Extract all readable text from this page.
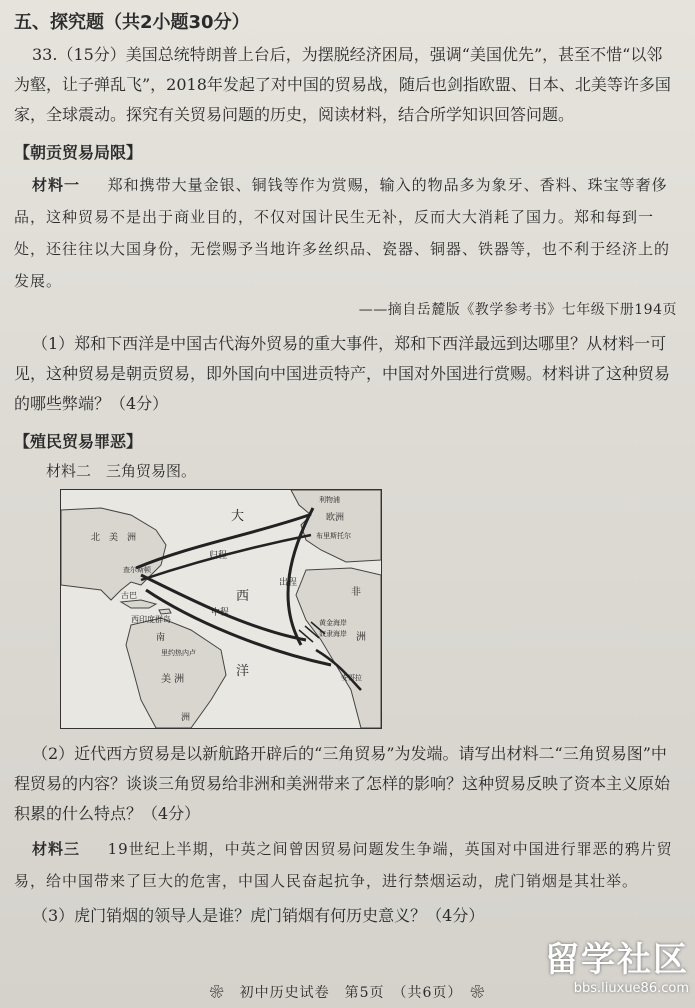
五、探究题（共2小题30分）

33.（15分）美国总统特朗普上台后，为摆脱经济困局，强调“美国优先”，甚至不惜“以邻为壑，让子弹乱飞”，2018年发起了对中国的贸易战，随后也剑指欧盟、日本、北美等许多国家，全球震动。探究有关贸易问题的历史，阅读材料，结合所学知识回答问题。

【朝贡贸易局限】

材料一 　 郑和携带大量金银、铜钱等作为赏赐，输入的物品多为象牙、香料、珠宝等奢侈品，这种贸易不是出于商业目的，不仅对国计民生无补，反而大大消耗了国力。郑和每到一处，还往往以大国身份，无偿赐予当地许多丝织品、瓷器、铜器、铁器等，也不利于经济上的发展。

——摘自岳麓版《教学参考书》七年级下册194页

（1）郑和下西洋是中国古代海外贸易的重大事件，郑和下西洋最远到达哪里？从材料一可见，这种贸易是朝贡贸易，即外国向中国进贡特产，中国对外国进行赏赐。材料讲了这种贸易的哪些弊端？（4分）

【殖民贸易罪恶】
材料二　三角贸易图。
北　美　洲
大
西
洋
南
美 洲
洲
欧洲
非
洲
西印度群岛
古巴
归程
出程
中程
利物浦
布里斯托尔
查尔斯顿
黄金海岸
奴隶海岸
安哥拉
里约热内卢

（2）近代西方贸易是以新航路开辟后的“三角贸易”为发端。请写出材料二“三角贸易图”中程贸易的内容？谈谈三角贸易给非洲和美洲带来了怎样的影响？这种贸易反映了资本主义原始积累的什么特点？（4分）

材料三 　 19世纪上半期，中英之间曾因贸易问题发生争端，英国对中国进行罪恶的鸦片贸易，给中国带来了巨大的危害，中国人民奋起抗争，进行禁烟运动，虎门销烟是其壮举。

（3）虎门销烟的领导人是谁？虎门销烟有何历史意义？（4分）

❀　初中历史试卷　第5页　（共6页）　❀
留学社区
bbs.liuxue86.com
